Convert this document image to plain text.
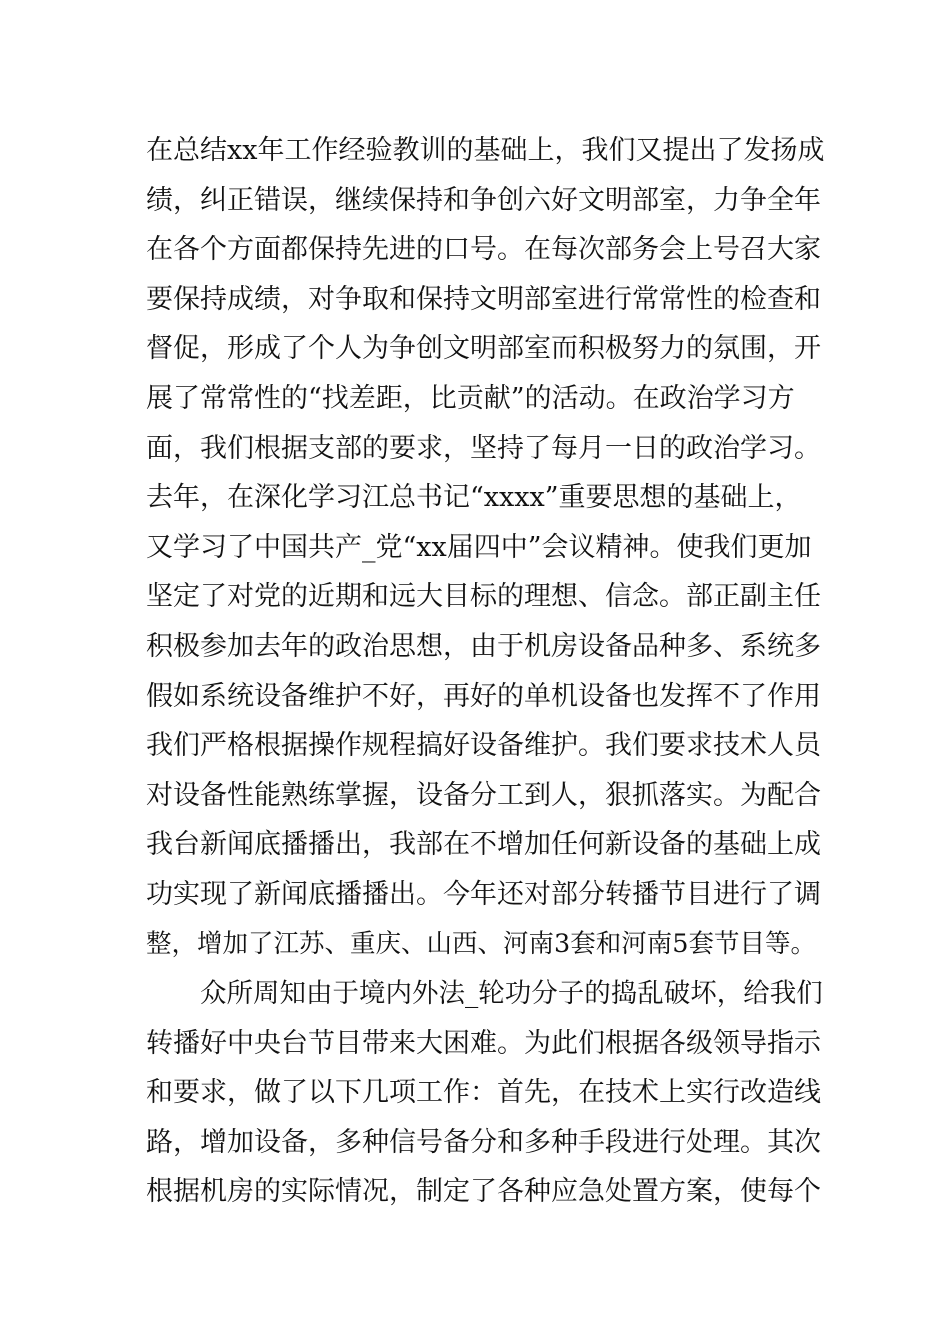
在总结xx年工作经验教训的基础上，我们又提出了发扬成
绩，纠正错误，继续保持和争创六好文明部室，力争全年
在各个方面都保持先进的口号。在每次部务会上号召大家
要保持成绩，对争取和保持文明部室进行常常性的检查和
督促，形成了个人为争创文明部室而积极努力的氛围，开
展了常常性的“找差距，比贡献”的活动。在政治学习方
面，我们根据支部的要求，坚持了每月一日的政治学习。
去年，在深化学习江总书记“xxxx”重要思想的基础上，
又学习了中国共产_党“xx届四中”会议精神。使我们更加
坚定了对党的近期和远大目标的理想、信念。部正副主任
积极参加去年的政治思想，由于机房设备品种多、系统多
假如系统设备维护不好，再好的单机设备也发挥不了作用
我们严格根据操作规程搞好设备维护。我们要求技术人员
对设备性能熟练掌握，设备分工到人，狠抓落实。为配合
我台新闻底播播出，我部在不增加任何新设备的基础上成
功实现了新闻底播播出。今年还对部分转播节目进行了调
整，增加了江苏、重庆、山西、河南3套和河南5套节目等。
众所周知由于境内外法_轮功分子的捣乱破坏，给我们
转播好中央台节目带来大困难。为此们根据各级领导指示
和要求，做了以下几项工作：首先，在技术上实行改造线
路，增加设备，多种信号备分和多种手段进行处理。其次
根据机房的实际情况，制定了各种应急处置方案，使每个
